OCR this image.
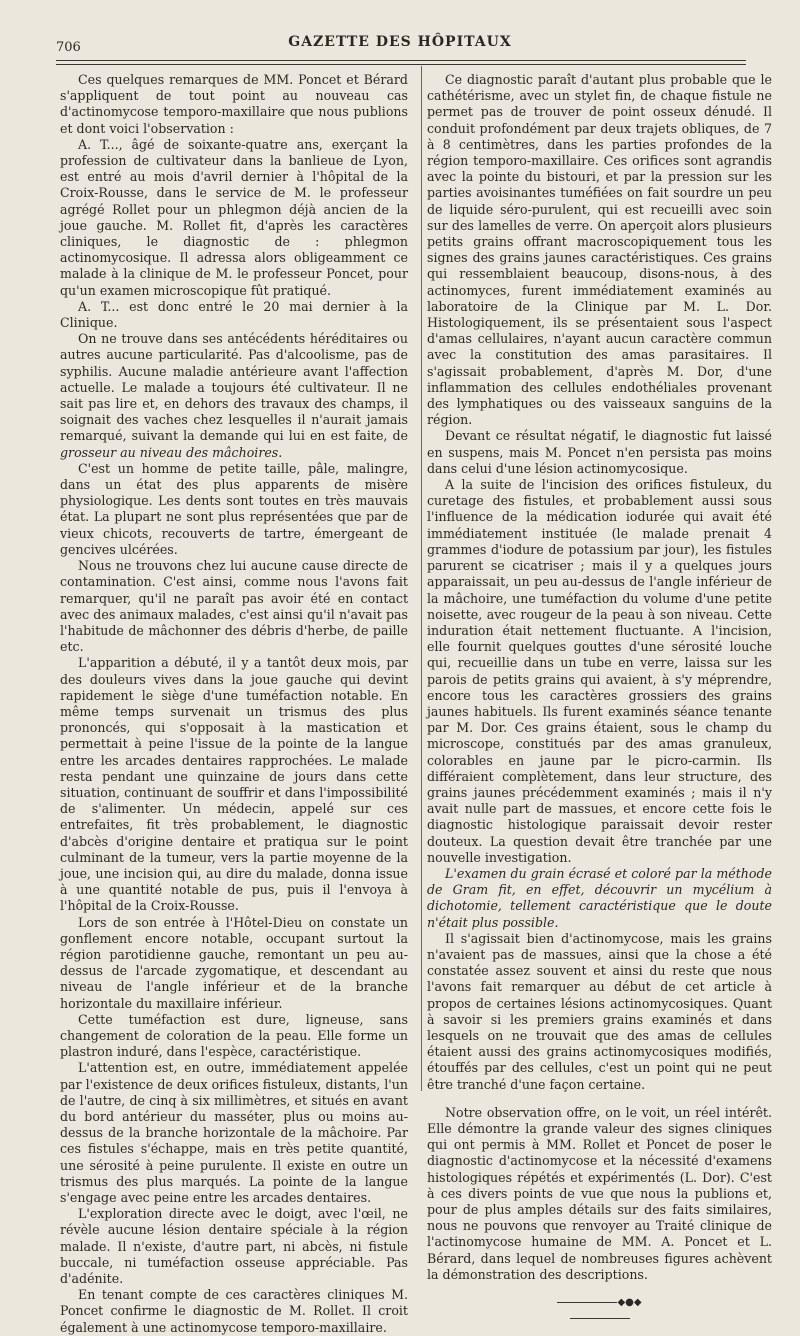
706	GAZETTE DES HÔPITAUX

Ces quelques remarques de MM. Poncet et Bérard s'appliquent de tout point au nouveau cas d'actinomycose temporo-maxillaire que nous publions et dont voici l'observation :

A. T..., âgé de soixante-quatre ans, exerçant la profession de cultivateur dans la banlieue de Lyon, est entré au mois d'avril dernier à l'hôpital de la Croix-Rousse, dans le service de M. le professeur agrégé Rollet pour un phlegmon déjà ancien de la joue gauche. M. Rollet fit, d'après les caractères cliniques, le diagnostic de : phlegmon actinomycosique. Il adressa alors obligeamment ce malade à la clinique de M. le professeur Poncet, pour qu'un examen microscopique fût pratiqué.

A. T... est donc entré le 20 mai dernier à la Clinique.

On ne trouve dans ses antécédents héréditaires ou autres aucune particularité. Pas d'alcoolisme, pas de syphilis. Aucune maladie antérieure avant l'affection actuelle. Le malade a toujours été cultivateur. Il ne sait pas lire et, en dehors des travaux des champs, il soignait des vaches chez lesquelles il n'aurait jamais remarqué, suivant la demande qui lui en est faite, de grosseur au niveau des mâchoires.

C'est un homme de petite taille, pâle, malingre, dans un état des plus apparents de misère physiologique. Les dents sont toutes en très mauvais état. La plupart ne sont plus représentées que par de vieux chicots, recouverts de tartre, émergeant de gencives ulcérées.

Nous ne trouvons chez lui aucune cause directe de contamination. C'est ainsi, comme nous l'avons fait remarquer, qu'il ne paraît pas avoir été en contact avec des animaux malades, c'est ainsi qu'il n'avait pas l'habitude de mâchonner des débris d'herbe, de paille etc.

L'apparition a débuté, il y a tantôt deux mois, par des douleurs vives dans la joue gauche qui devint rapidement le siège d'une tuméfaction notable. En même temps survenait un trismus des plus prononcés, qui s'opposait à la mastication et permettait à peine l'issue de la pointe de la langue entre les arcades dentaires rapprochées. Le malade resta pendant une quinzaine de jours dans cette situation, continuant de souffrir et dans l'impossibilité de s'alimenter. Un médecin, appelé sur ces entrefaites, fit très probablement, le diagnostic d'abcès d'origine dentaire et pratiqua sur le point culminant de la tumeur, vers la partie moyenne de la joue, une incision qui, au dire du malade, donna issue à une quantité notable de pus, puis il l'envoya à l'hôpital de la Croix-Rousse.

Lors de son entrée à l'Hôtel-Dieu on constate un gonflement encore notable, occupant surtout la région parotidienne gauche, remontant un peu au-dessus de l'arcade zygomatique, et descendant au niveau de l'angle inférieur et de la branche horizontale du maxillaire inférieur.

Cette tuméfaction est dure, ligneuse, sans changement de coloration de la peau. Elle forme un plastron induré, dans l'espèce, caractéristique.

L'attention est, en outre, immédiatement appelée par l'existence de deux orifices fistuleux, distants, l'un de l'autre, de cinq à six millimètres, et situés en avant du bord antérieur du masséter, plus ou moins au-dessus de la branche horizontale de la mâchoire. Par ces fistules s'échappe, mais en très petite quantité, une sérosité à peine purulente. Il existe en outre un trismus des plus marqués. La pointe de la langue s'engage avec peine entre les arcades dentaires.

L'exploration directe avec le doigt, avec l'œil, ne révèle aucune lésion dentaire spéciale à la région malade. Il n'existe, d'autre part, ni abcès, ni fistule buccale, ni tuméfaction osseuse appréciable. Pas d'adénite.

En tenant compte de ces caractères cliniques M. Poncet confirme le diagnostic de M. Rollet. Il croit également à une actinomycose temporo-maxillaire.

Ce diagnostic paraît d'autant plus probable que le cathétérisme, avec un stylet fin, de chaque fistule ne permet pas de trouver de point osseux dénudé. Il conduit profondément par deux trajets obliques, de 7 à 8 centimètres, dans les parties profondes de la région temporo-maxillaire. Ces orifices sont agrandis avec la pointe du bistouri, et par la pression sur les parties avoisinantes tuméfiées on fait sourdre un peu de liquide séro-purulent, qui est recueilli avec soin sur des lamelles de verre. On aperçoit alors plusieurs petits grains offrant macroscopiquement tous les signes des grains jaunes caractéristiques. Ces grains qui ressemblaient beaucoup, disons-nous, à des actinomyces, furent immédiatement examinés au laboratoire de la Clinique par M. L. Dor. Histologiquement, ils se présentaient sous l'aspect d'amas cellulaires, n'ayant aucun caractère commun avec la constitution des amas parasitaires. Il s'agissait probablement, d'après M. Dor, d'une inflammation des cellules endothéliales provenant des lymphatiques ou des vaisseaux sanguins de la région.

Devant ce résultat négatif, le diagnostic fut laissé en suspens, mais M. Poncet n'en persista pas moins dans celui d'une lésion actinomycosique.

A la suite de l'incision des orifices fistuleux, du curetage des fistules, et probablement aussi sous l'influence de la médication iodurée qui avait été immédiatement instituée (le malade prenait 4 grammes d'iodure de potassium par jour), les fistules parurent se cicatriser ; mais il y a quelques jours apparaissait, un peu au-dessus de l'angle inférieur de la mâchoire, une tuméfaction du volume d'une petite noisette, avec rougeur de la peau à son niveau. Cette induration était nettement fluctuante. A l'incision, elle fournit quelques gouttes d'une sérosité louche qui, recueillie dans un tube en verre, laissa sur les parois de petits grains qui avaient, à s'y méprendre, encore tous les caractères grossiers des grains jaunes habituels. Ils furent examinés séance tenante par M. Dor. Ces grains étaient, sous le champ du microscope, constitués par des amas granuleux, colorables en jaune par le picro-carmin. Ils différaient complètement, dans leur structure, des grains jaunes précédemment examinés ; mais il n'y avait nulle part de massues, et encore cette fois le diagnostic histologique paraissait devoir rester douteux. La question devait être tranchée par une nouvelle investigation.

L'examen du grain écrasé et coloré par la méthode de Gram fit, en effet, découvrir un mycélium à dichotomie, tellement caractéristique que le doute n'était plus possible.

Il s'agissait bien d'actinomycose, mais les grains n'avaient pas de massues, ainsi que la chose a été constatée assez souvent et ainsi du reste que nous l'avons fait remarquer au début de cet article à propos de certaines lésions actinomycosiques. Quant à savoir si les premiers grains examinés et dans lesquels on ne trouvait que des amas de cellules étaient aussi des grains actinomycosiques modifiés, étouffés par des cellules, c'est un point qui ne peut être tranché d'une façon certaine.

Notre observation offre, on le voit, un réel intérêt. Elle démontre la grande valeur des signes cliniques qui ont permis à MM. Rollet et Poncet de poser le diagnostic d'actinomycose et la nécessité d'examens histologiques répétés et expérimentés (L. Dor). C'est à ces divers points de vue que nous la publions et, pour de plus amples détails sur des faits similaires, nous ne pouvons que renvoyer au Traité clinique de l'actinomycose humaine de MM. A. Poncet et L. Bérard, dans lequel de nombreuses figures achèvent la démonstration des descriptions.

◆●◆
